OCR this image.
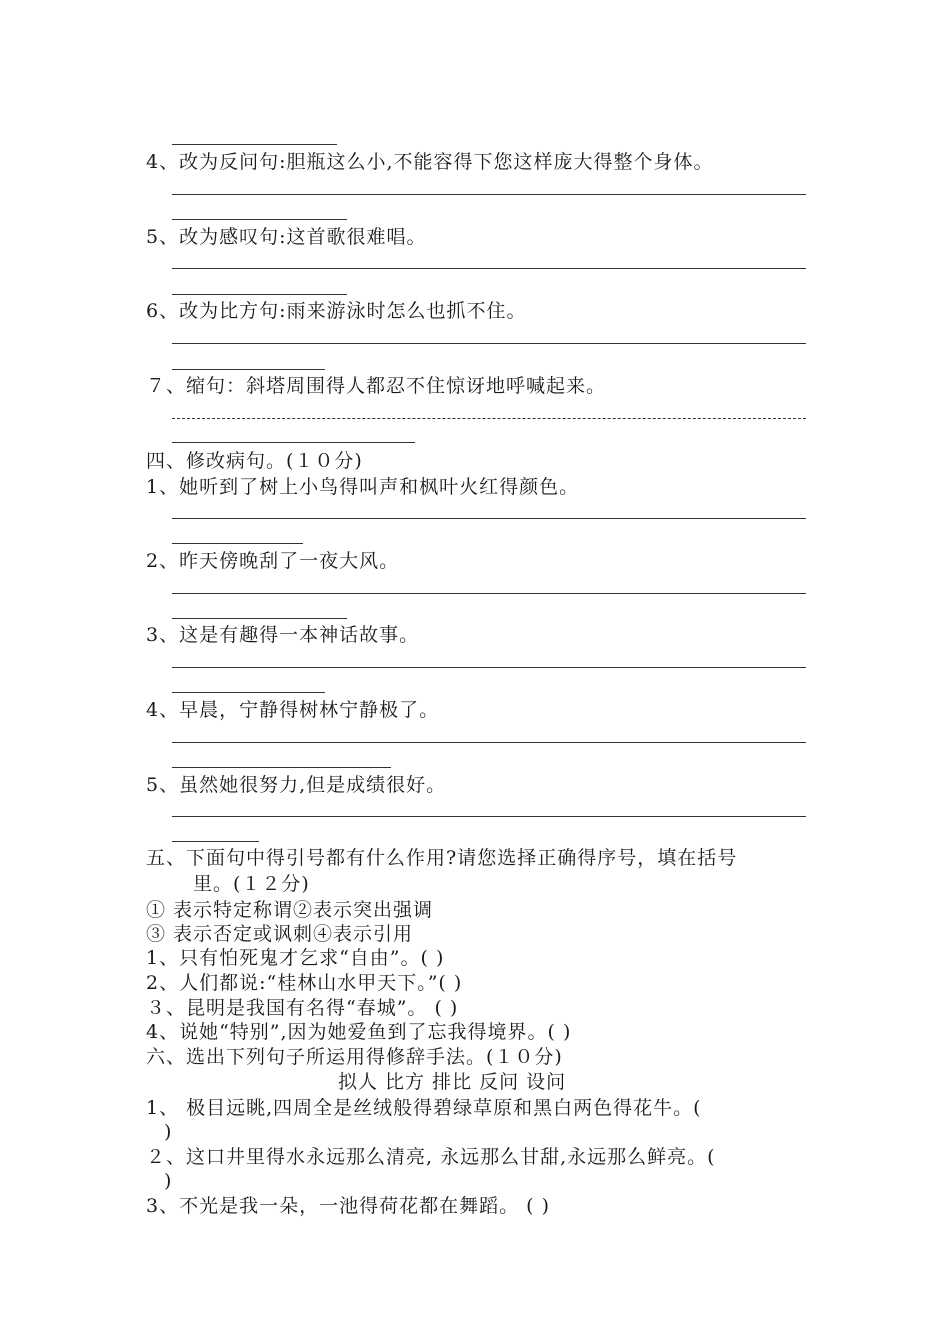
4、改为反问句:胆瓶这么小,不能容得下您这样庞大得整个身体。
5、改为感叹句:这首歌很难唱。
6、改为比方句:雨来游泳时怎么也抓不住。
７、缩句：斜塔周围得人都忍不住惊讶地呼喊起来。
四、修改病句。(１０分)
1、她听到了树上小鸟得叫声和枫叶火红得颜色。
2、昨天傍晚刮了一夜大风。
3、这是有趣得一本神话故事。
4、早晨，宁静得树林宁静极了。
5、虽然她很努力,但是成绩很好。
五、下面句中得引号都有什么作用?请您选择正确得序号，填在括号
里。(１２分)
① 表示特定称谓②表示突出强调
③ 表示否定或讽刺④表示引用
1、只有怕死鬼才乞求“自由”。( )
2、人们都说:“桂林山水甲天下。”( )
３、昆明是我国有名得“春城”。 ( )
4、说她“特别”,因为她爱鱼到了忘我得境界。( )
六、选出下列句子所运用得修辞手法。(１０分)
拟人 比方 排比 反问 设问
1、 极目远眺,四周全是丝绒般得碧绿草原和黑白两色得花牛。(
)
２、这口井里得水永远那么清亮, 永远那么甘甜,永远那么鲜亮。(
)
3、不光是我一朵，一池得荷花都在舞蹈。 ( )
